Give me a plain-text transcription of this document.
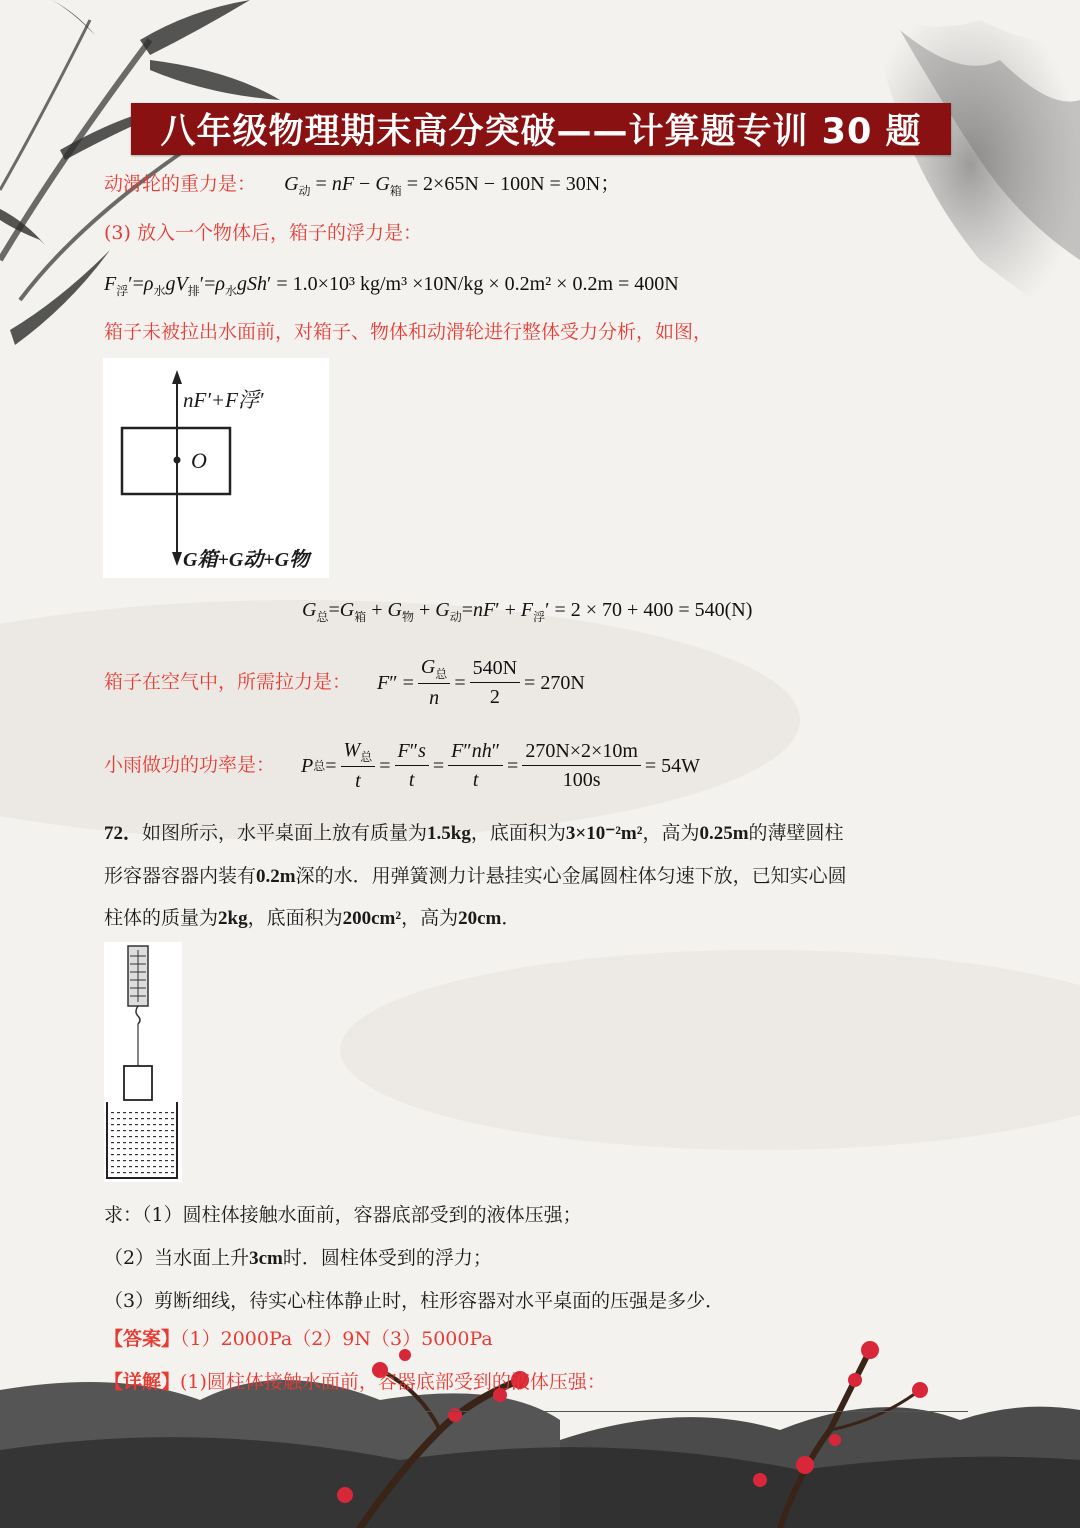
八年级物理期末高分突破——计算题专训 30 题
动滑轮的重力是： $G_动$ = nF − $G_箱 = 2\times 65N - 100N = 30N$；
(3) 放入一个物体后，箱子的浮力是：
$F_浮'=\rho_水gV_排'=\rho_水gSh' = 1.0\times 10^3$ kg/m³ ×10N/kg × 0.2m² × 0.2m = 400N
箱子未被拉出水面前，对箱子、物体和动滑轮进行整体受力分析，如图，
nF′+F浮′
O
G箱+G动+G物
$G_总=G_箱 + G_物 + G_动=nF' + F_浮' = 2 \times 70 + 400 = 540(N)$
箱子在空气中，所需拉力是： F ″ = $\frac{G_总}{n} = \frac{540N}{2} = 270N$
小雨做功的功率是： P 总 = $\frac{W_总}{t} = \frac{F''s}{t} = \frac{F''nh''}{t} = \frac{270N\times 2\times 10m}{100s} = 54W$
72．如图所示，水平桌面上放有质量为1.5kg，底面积为3×10⁻²m²，高为0.25m的薄壁圆柱
形容器容器内装有0.2m深的水．用弹簧测力计悬挂实心金属圆柱体匀速下放，已知实心圆
柱体的质量为2kg，底面积为200cm²，高为20cm．
求：（1）圆柱体接触水面前，容器底部受到的液体压强；
（2）当水面上升3cm时．圆柱体受到的浮力；
（3）剪断细线，待实心柱体静止时，柱形容器对水平桌面的压强是多少．
【答案】（1）2000Pa（2）9N（3）5000Pa
【详解】(1)圆柱体接触水面前，容器底部受到的液体压强：
